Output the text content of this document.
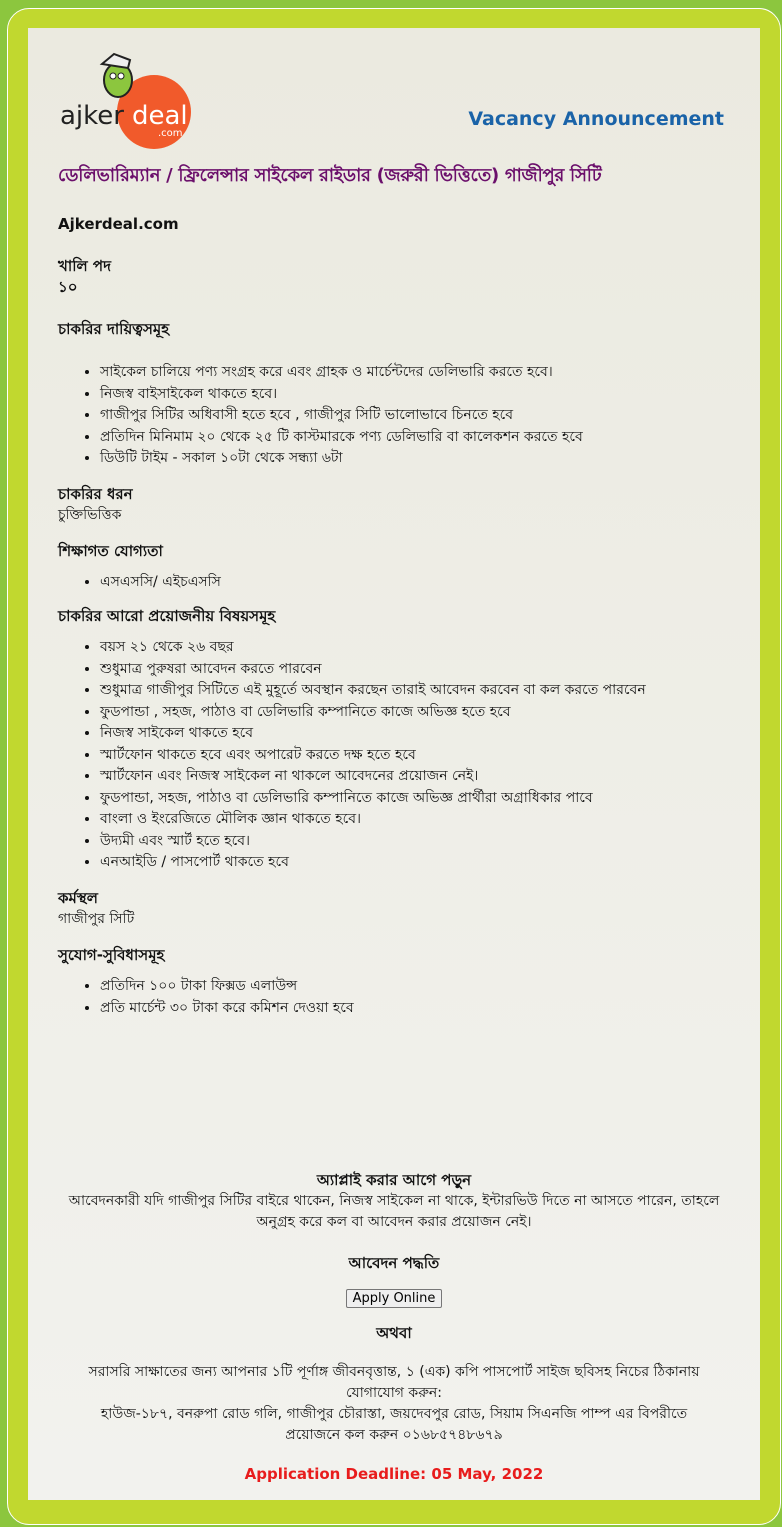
ajker deal
.com
Vacancy Announcement
ডেলিভারিম্যান / ফ্রিলেন্সার সাইকেল রাইডার (জরুরী ভিত্তিতে) গাজীপুর সিটি
Ajkerdeal.com
খালি পদ
১০
চাকরির দায়িত্বসমূহ
• সাইকেল চালিয়ে পণ্য সংগ্রহ করে এবং গ্রাহক ও মার্চেন্টদের ডেলিভারি করতে হবে।
• নিজস্ব বাইসাইকেল থাকতে হবে।
• গাজীপুর সিটির অধিবাসী হতে হবে , গাজীপুর সিটি ভালোভাবে চিনতে হবে
• প্রতিদিন মিনিমাম ২০ থেকে ২৫ টি কাস্টমারকে পণ্য ডেলিভারি বা কালেকশন করতে হবে
• ডিউটি টাইম - সকাল ১০টা থেকে সন্ধ্যা ৬টা
চাকরির ধরন
চুক্তিভিত্তিক
শিক্ষাগত যোগ্যতা
• এসএসসি/ এইচএসসি
চাকরির আরো প্রয়োজনীয় বিষয়সমূহ
• বয়স ২১ থেকে ২৬ বছর
• শুধুমাত্র পুরুষরা আবেদন করতে পারবেন
• শুধুমাত্র গাজীপুর সিটিতে এই মুহূর্তে অবস্থান করছেন তারাই আবেদন করবেন বা কল করতে পারবেন
• ফুডপান্ডা , সহজ, পাঠাও বা ডেলিভারি কম্পানিতে কাজে অভিজ্ঞ হতে হবে
• নিজস্ব সাইকেল থাকতে হবে
• স্মার্টফোন থাকতে হবে এবং অপারেট করতে দক্ষ হতে হবে
• স্মার্টফোন এবং নিজস্ব সাইকেল না থাকলে আবেদনের প্রয়োজন নেই।
• ফুডপান্ডা, সহজ, পাঠাও বা ডেলিভারি কম্পানিতে কাজে অভিজ্ঞ প্রার্থীরা অগ্রাধিকার পাবে
• বাংলা ও ইংরেজিতে মৌলিক জ্ঞান থাকতে হবে।
• উদ্যমী এবং স্মার্ট হতে হবে।
• এনআইডি / পাসপোর্ট থাকতে হবে
কর্মস্থল
গাজীপুর সিটি
সুযোগ-সুবিধাসমূহ
• প্রতিদিন ১০০ টাকা ফিক্সড এলাউন্স
• প্রতি মার্চেন্ট ৩০ টাকা করে কমিশন দেওয়া হবে
অ্যাপ্লাই করার আগে পড়ুন
আবেদনকারী যদি গাজীপুর সিটির বাইরে থাকেন, নিজস্ব সাইকেল না থাকে, ইন্টারভিউ দিতে না আসতে পারেন, তাহলে অনুগ্রহ করে কল বা আবেদন করার প্রয়োজন নেই।
আবেদন পদ্ধতি
Apply Online
অথবা
সরাসরি সাক্ষাতের জন্য আপনার ১টি পূর্ণাঙ্গ জীবনবৃত্তান্ত, ১ (এক) কপি পাসপোর্ট সাইজ ছবিসহ নিচের ঠিকানায় যোগাযোগ করুন:
হাউজ-১৮৭, বনরুপা রোড গলি, গাজীপুর চৌরাস্তা, জয়দেবপুর রোড, সিয়াম সিএনজি পাম্প এর বিপরীতে
প্রয়োজনে কল করুন ০১৬৮৫৭৪৮৬৭৯
Application Deadline: 05 May, 2022
